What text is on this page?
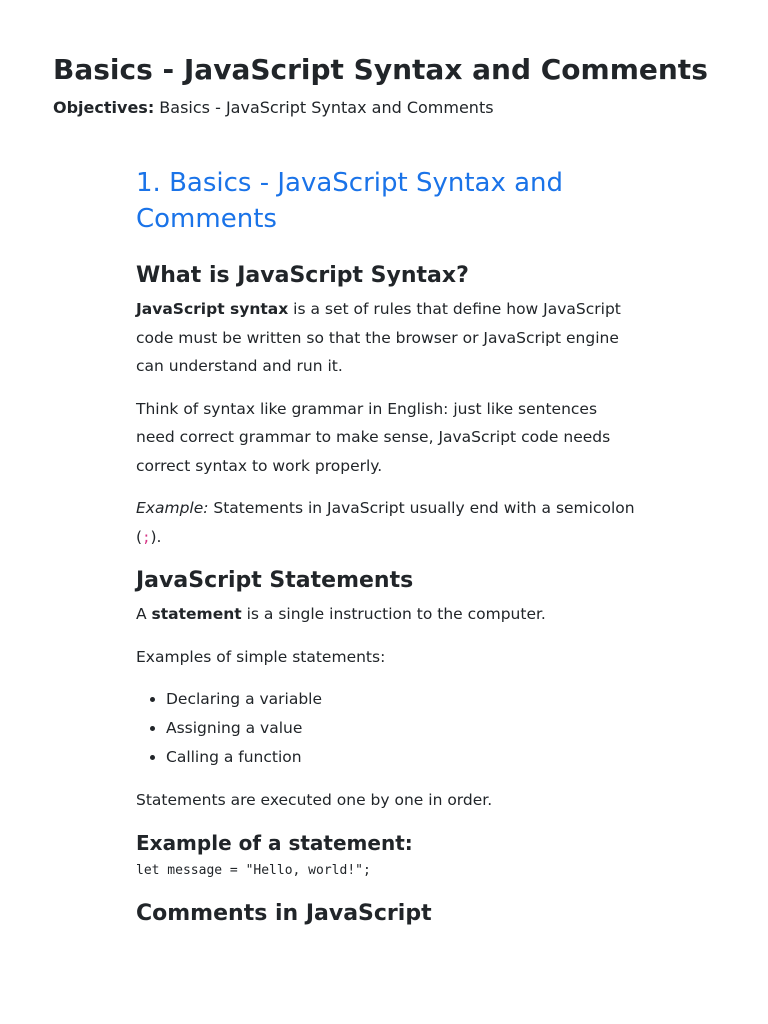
Basics - JavaScript Syntax and Comments
Objectives: Basics - JavaScript Syntax and Comments
1. Basics - JavaScript Syntax and Comments
What is JavaScript Syntax?

JavaScript syntax is a set of rules that define how JavaScript code must be written so that the browser or JavaScript engine can understand and run it.

Think of syntax like grammar in English: just like sentences need correct grammar to make sense, JavaScript code needs correct syntax to work properly.

Example: Statements in JavaScript usually end with a semicolon (;).

JavaScript Statements

A statement is a single instruction to the computer.

Examples of simple statements:

• Declaring a variable
• Assigning a value
• Calling a function

Statements are executed one by one in order.

Example of a statement:
let message = "Hello, world!";
Comments in JavaScript
